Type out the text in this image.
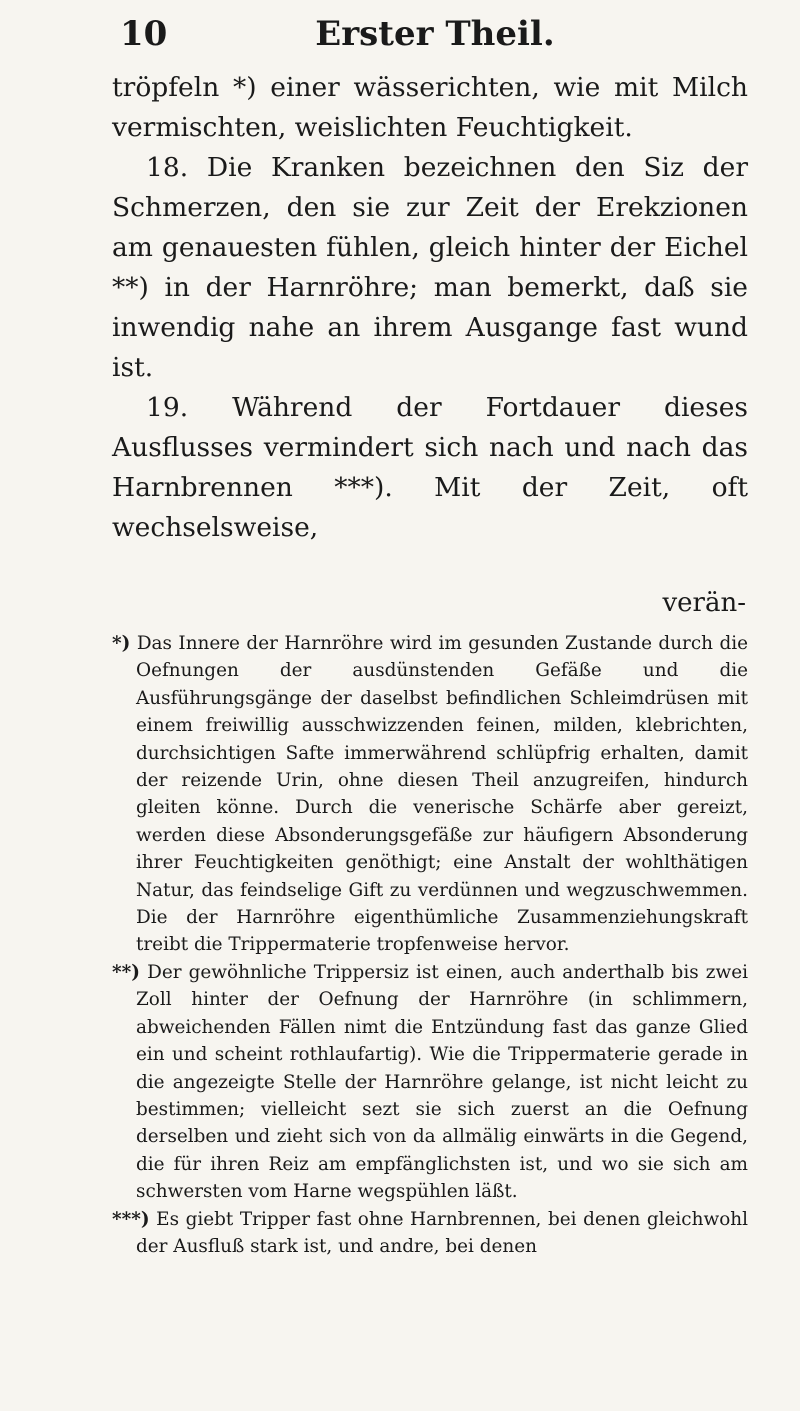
10	Erster Theil.

tröpfeln *) einer wässerichten, wie mit Milch vermischten, weislichten Feuchtigkeit.

18. Die Kranken bezeichnen den Siz der Schmerzen, den sie zur Zeit der Erekzionen am genauesten fühlen, gleich hinter der Eichel **) in der Harnröhre; man bemerkt, daß sie inwendig nahe an ihrem Ausgange fast wund ist.

19. Während der Fortdauer dieses Ausflusses vermindert sich nach und nach das Harnbrennen ***). Mit der Zeit, oft wechselsweise,

verän-

*) Das Innere der Harnröhre wird im gesunden Zustande durch die Oefnungen der ausdünstenden Gefäße und die Ausführungsgänge der daselbst befindlichen Schleimdrüsen mit einem freiwillig ausschwizzenden feinen, milden, klebrichten, durchsichtigen Safte immerwährend schlüpfrig erhalten, damit der reizende Urin, ohne diesen Theil anzugreifen, hindurch gleiten könne. Durch die venerische Schärfe aber gereizt, werden diese Absonderungsgefäße zur häufigern Absonderung ihrer Feuchtigkeiten genöthigt; eine Anstalt der wohlthätigen Natur, das feindselige Gift zu verdünnen und wegzuschwemmen. Die der Harnröhre eigenthümliche Zusammenziehungskraft treibt die Trippermaterie tropfenweise hervor.

**) Der gewöhnliche Trippersiz ist einen, auch anderthalb bis zwei Zoll hinter der Oefnung der Harnröhre (in schlimmern, abweichenden Fällen nimt die Entzündung fast das ganze Glied ein und scheint rothlaufartig). Wie die Trippermaterie gerade in die angezeigte Stelle der Harnröhre gelange, ist nicht leicht zu bestimmen; vielleicht sezt sie sich zuerst an die Oefnung derselben und zieht sich von da allmälig einwärts in die Gegend, die für ihren Reiz am empfänglichsten ist, und wo sie sich am schwersten vom Harne wegspühlen läßt.

***) Es giebt Tripper fast ohne Harnbrennen, bei denen gleichwohl der Ausfluß stark ist, und andre, bei denen
